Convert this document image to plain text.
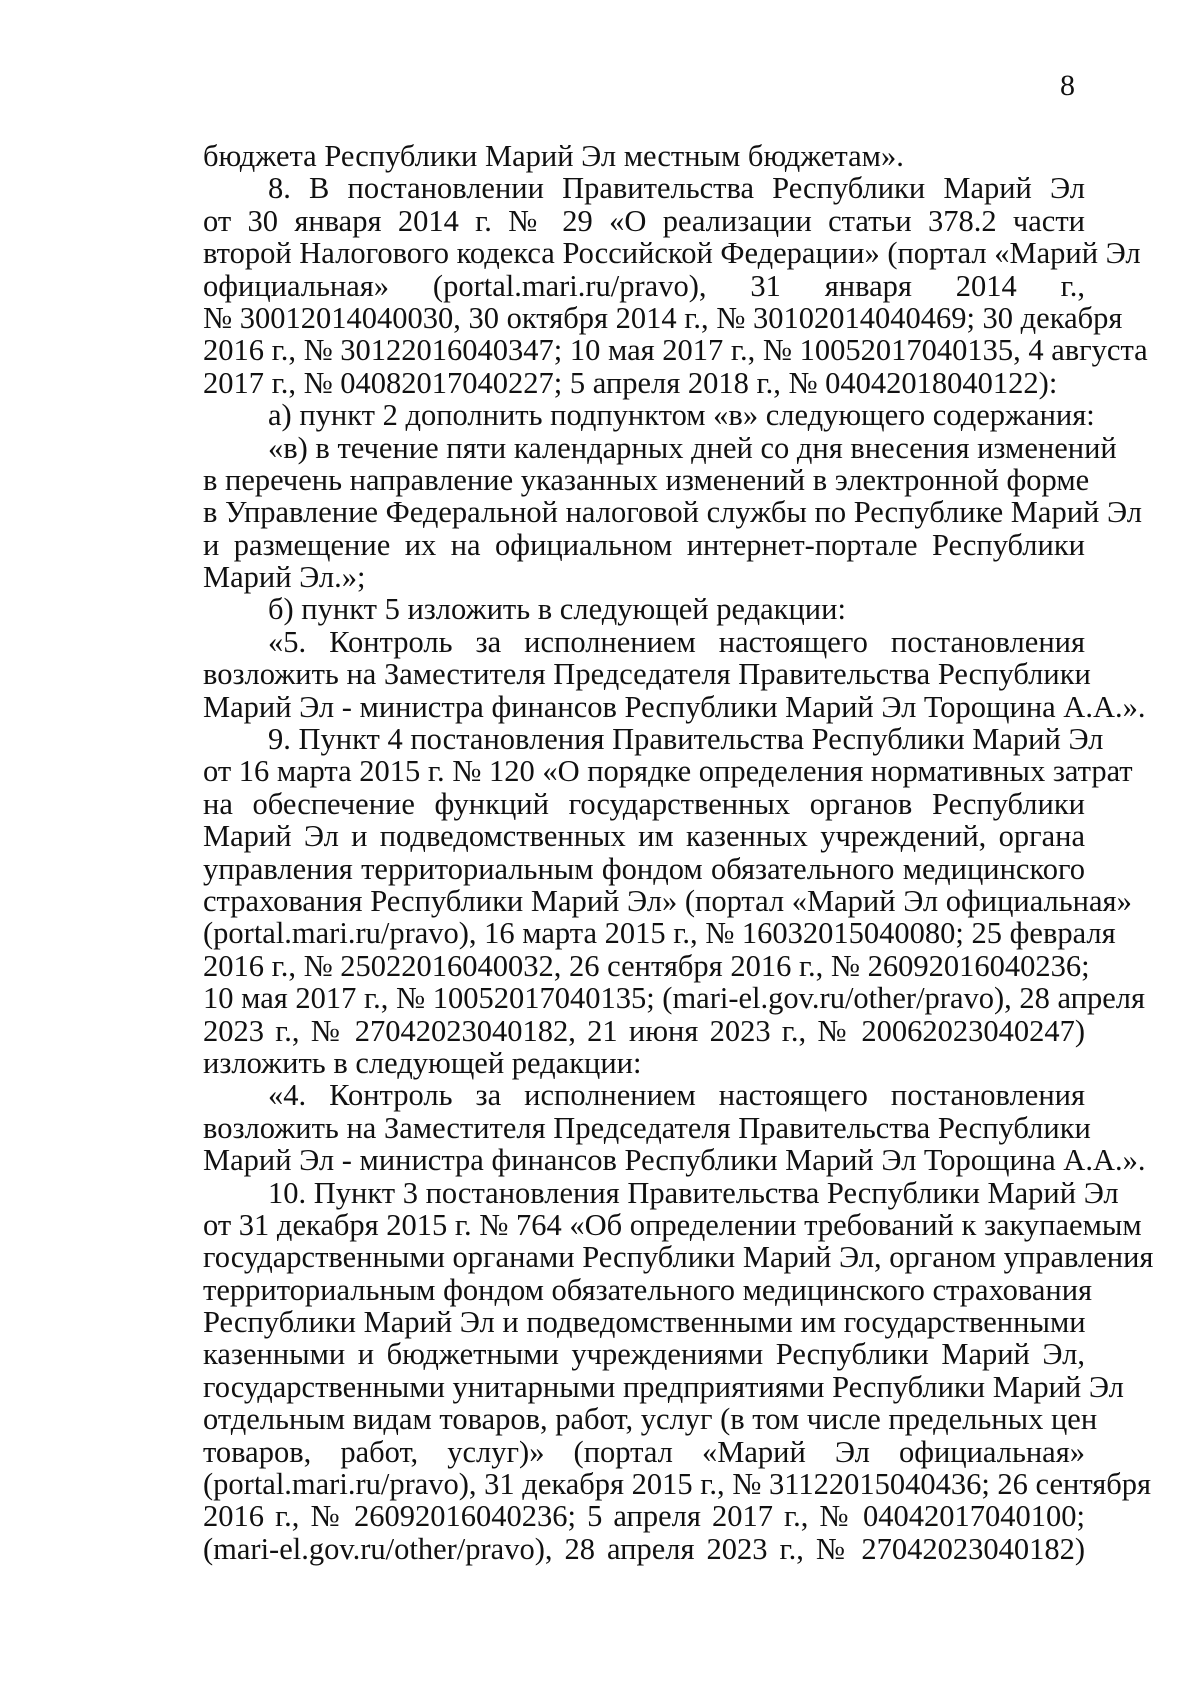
8
бюджета Республики Марий Эл местным бюджетам».
8. В постановлении Правительства Республики Марий Эл
от 30 января 2014 г. № 29 «О реализации статьи 378.2 части
второй Налогового кодекса Российской Федерации» (портал «Марий Эл
официальная» (portal.mari.ru/pravo), 31 января 2014 г.,
№ 30012014040030, 30 октября 2014 г., № 30102014040469; 30 декабря
2016 г., № 30122016040347; 10 мая 2017 г., № 10052017040135, 4 августа
2017 г., № 04082017040227; 5 апреля 2018 г., № 04042018040122):
а) пункт 2 дополнить подпунктом «в» следующего содержания:
«в) в течение пяти календарных дней со дня внесения изменений
в перечень направление указанных изменений в электронной форме
в Управление Федеральной налоговой службы по Республике Марий Эл
и размещение их на официальном интернет-портале Республики
Марий Эл.»;
б) пункт 5 изложить в следующей редакции:
«5. Контроль за исполнением настоящего постановления
возложить на Заместителя Председателя Правительства Республики
Марий Эл - министра финансов Республики Марий Эл Торощина А.А.».
9. Пункт 4 постановления Правительства Республики Марий Эл
от 16 марта 2015 г. № 120 «О порядке определения нормативных затрат
на обеспечение функций государственных органов Республики
Марий Эл и подведомственных им казенных учреждений, органа
управления территориальным фондом обязательного медицинского
страхования Республики Марий Эл» (портал «Марий Эл официальная»
(portal.mari.ru/pravo), 16 марта 2015 г., № 16032015040080; 25 февраля
2016 г., № 25022016040032, 26 сентября 2016 г., № 26092016040236;
10 мая 2017 г., № 10052017040135; (mari-el.gov.ru/other/pravo), 28 апреля
2023 г., № 27042023040182, 21 июня 2023 г., № 20062023040247)
изложить в следующей редакции:
«4. Контроль за исполнением настоящего постановления
возложить на Заместителя Председателя Правительства Республики
Марий Эл - министра финансов Республики Марий Эл Торощина А.А.».
10. Пункт 3 постановления Правительства Республики Марий Эл
от 31 декабря 2015 г. № 764 «Об определении требований к закупаемым
государственными органами Республики Марий Эл, органом управления
территориальным фондом обязательного медицинского страхования
Республики Марий Эл и подведомственными им государственными
казенными и бюджетными учреждениями Республики Марий Эл,
государственными унитарными предприятиями Республики Марий Эл
отдельным видам товаров, работ, услуг (в том числе предельных цен
товаров, работ, услуг)» (портал «Марий Эл официальная»
(portal.mari.ru/pravo), 31 декабря 2015 г., № 31122015040436; 26 сентября
2016 г., № 26092016040236; 5 апреля 2017 г., № 04042017040100;
(mari-el.gov.ru/other/pravo), 28 апреля 2023 г., № 27042023040182)
